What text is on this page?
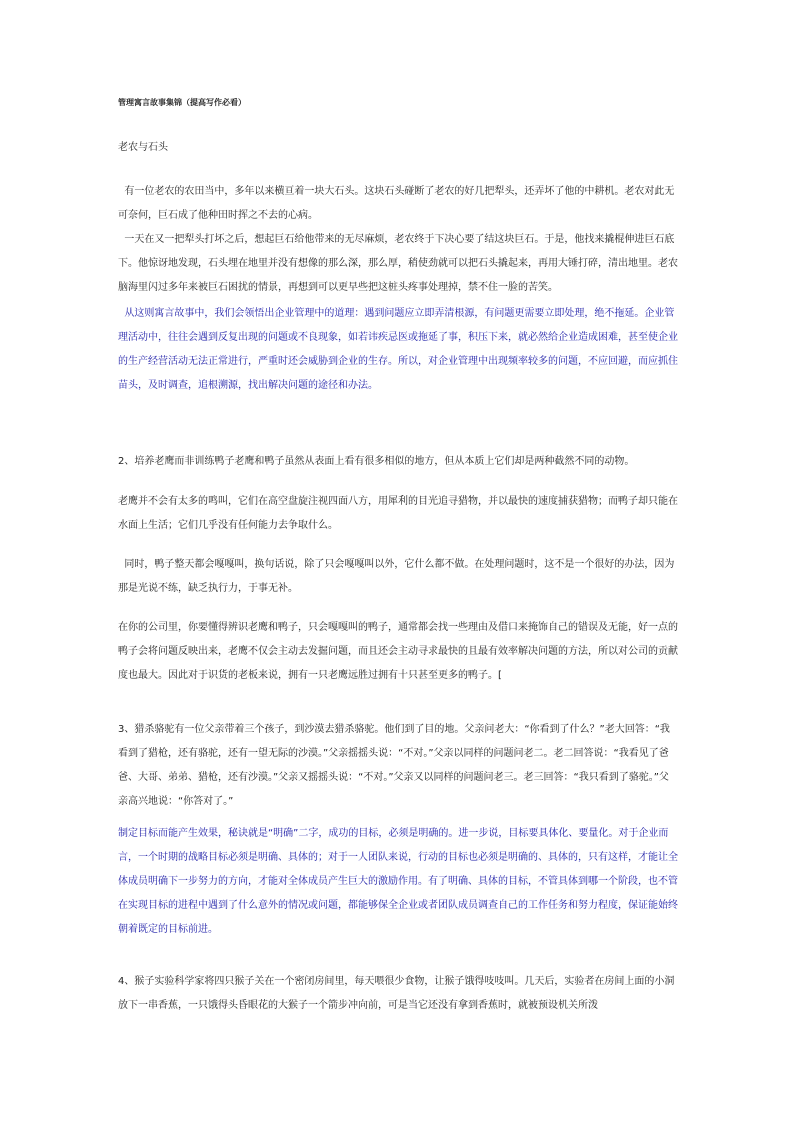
管理寓言故事集锦（提高写作必看）
老农与石头
有一位老农的农田当中，多年以来横亘着一块大石头。这块石头碰断了老农的好几把犁头，还弄坏了他的中耕机。老农对此无可奈何，巨石成了他种田时挥之不去的心病。
一天在又一把犁头打坏之后，想起巨石给他带来的无尽麻烦，老农终于下决心要了结这块巨石。于是，他找来撬棍伸进巨石底下。他惊讶地发现，石头埋在地里并没有想像的那么深，那么厚，稍使劲就可以把石头撬起来，再用大锤打碎，清出地里。老农脑海里闪过多年来被巨石困扰的情景，再想到可以更早些把这桩头疼事处理掉，禁不住一脸的苦笑。
从这则寓言故事中，我们会领悟出企业管理中的道理：遇到问题应立即弄清根源，有问题更需要立即处理，绝不拖延。企业管理活动中，往往会遇到反复出现的问题或不良现象，如若讳疾忌医或拖延了事，积压下来，就必然给企业造成困难，甚至使企业的生产经营活动无法正常进行，严重时还会威胁到企业的生存。所以，对企业管理中出现频率较多的问题，不应回避，而应抓住苗头，及时调查，追根溯源，找出解决问题的途径和办法。
2、培养老鹰而非训练鸭子老鹰和鸭子虽然从表面上看有很多相似的地方，但从本质上它们却是两种截然不同的动物。
老鹰并不会有太多的鸣叫，它们在高空盘旋注视四面八方，用犀利的目光追寻猎物，并以最快的速度捕获猎物；而鸭子却只能在水面上生活；它们几乎没有任何能力去争取什么。
同时，鸭子整天都会嘎嘎叫，换句话说，除了只会嘎嘎叫以外，它什么都不做。在处理问题时，这不是一个很好的办法，因为那是光说不练，缺乏执行力，于事无补。
在你的公司里，你要懂得辨识老鹰和鸭子，只会嘎嘎叫的鸭子，通常都会找一些理由及借口来掩饰自己的错误及无能，好一点的鸭子会将问题反映出来，老鹰不仅会主动去发掘问题，而且还会主动寻求最快的且最有效率解决问题的方法，所以对公司的贡献度也最大。因此对于识货的老板来说，拥有一只老鹰远胜过拥有十只甚至更多的鸭子。[
3、猎杀骆驼有一位父亲带着三个孩子，到沙漠去猎杀骆驼。他们到了目的地。父亲问老大：“你看到了什么？”老大回答：“我看到了猎枪，还有骆驼，还有一望无际的沙漠。”父亲摇摇头说：“不对。”父亲以同样的问题问老二。老二回答说：“我看见了爸爸、大哥、弟弟、猎枪，还有沙漠。”父亲又摇摇头说：“不对。”父亲又以同样的问题问老三。老三回答：“我只看到了骆驼。”父亲高兴地说：“你答对了。”
制定目标而能产生效果，秘诀就是“明确”二字，成功的目标，必须是明确的。进一步说，目标要具体化、要量化。对于企业而言，一个时期的战略目标必须是明确、具体的；对于一人团队来说，行动的目标也必须是明确的、具体的，只有这样，才能让全体成员明确下一步努力的方向，才能对全体成员产生巨大的激励作用。有了明确、具体的目标，不管具体到哪一个阶段，也不管在实现目标的进程中遇到了什么意外的情况或问题，都能够保全企业或者团队成员调查自己的工作任务和努力程度，保证能始终朝着既定的目标前进。
4、猴子实验科学家将四只猴子关在一个密闭房间里，每天喂很少食物，让猴子饿得吱吱叫。几天后，实验者在房间上面的小洞放下一串香蕉，一只饿得头昏眼花的大猴子一个箭步冲向前，可是当它还没有拿到香蕉时，就被预设机关所泼
